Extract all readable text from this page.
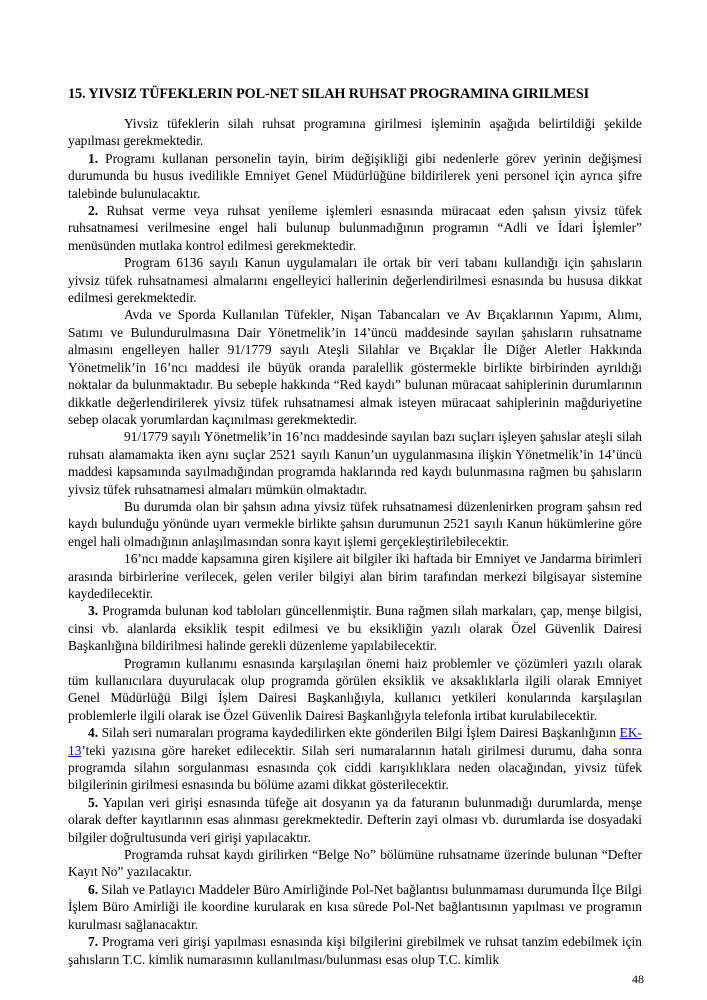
15. YIVSIZ TÜFEKLERIN POL-NET SILAH RUHSAT PROGRAMINA GIRILMESI

Yivsiz tüfeklerin silah ruhsat programına girilmesi işleminin aşağıda belirtildiği şekilde yapılması gerekmektedir.

1. Programı kullanan personelin tayin, birim değişikliği gibi nedenlerle görev yerinin değişmesi durumunda bu husus ivedilikle Emniyet Genel Müdürlüğüne bildirilerek yeni personel için ayrıca şifre talebinde bulunulacaktır.

2. Ruhsat verme veya ruhsat yenileme işlemleri esnasında müracaat eden şahsın yivsiz tüfek ruhsatnamesi verilmesine engel hali bulunup bulunmadığının programın “Adli ve İdari İşlemler” menüsünden mutlaka kontrol edilmesi gerekmektedir.

Program 6136 sayılı Kanun uygulamaları ile ortak bir veri tabanı kullandığı için şahısların yivsiz tüfek ruhsatnamesi almalarını engelleyici hallerinin değerlendirilmesi esnasında bu hususa dikkat edilmesi gerekmektedir.

Avda ve Sporda Kullanılan Tüfekler, Nişan Tabancaları ve Av Bıçaklarının Yapımı, Alımı, Satımı ve Bulundurulmasına Dair Yönetmelik’in 14’üncü maddesinde sayılan şahısların ruhsatname almasını engelleyen haller 91/1779 sayılı Ateşli Silahlar ve Bıçaklar İle Diğer Aletler Hakkında Yönetmelik’in 16’ncı maddesi ile büyük oranda paralellik göstermekle birlikte birbirinden ayrıldığı noktalar da bulunmaktadır. Bu sebeple hakkında “Red kaydı” bulunan müracaat sahiplerinin durumlarının dikkatle değerlendirilerek yivsiz tüfek ruhsatnamesi almak isteyen müracaat sahiplerinin mağduriyetine sebep olacak yorumlardan kaçınılması gerekmektedir.

91/1779 sayılı Yönetmelik’in 16’ncı maddesinde sayılan bazı suçları işleyen şahıslar ateşli silah ruhsatı alamamakta iken aynı suçlar 2521 sayılı Kanun’un uygulanmasına ilişkin Yönetmelik’in 14’üncü maddesi kapsamında sayılmadığından programda haklarında red kaydı bulunmasına rağmen bu şahısların yivsiz tüfek ruhsatnamesi almaları mümkün olmaktadır.

Bu durumda olan bir şahsın adına yivsiz tüfek ruhsatnamesi düzenlenirken program şahsın red kaydı bulunduğu yönünde uyarı vermekle birlikte şahsın durumunun 2521 sayılı Kanun hükümlerine göre engel hali olmadığının anlaşılmasından sonra kayıt işlemi gerçekleştirilebilecektir.

16’ncı madde kapsamına giren kişilere ait bilgiler iki haftada bir Emniyet ve Jandarma birimleri arasında birbirlerine verilecek, gelen veriler bilgiyi alan birim tarafından merkezi bilgisayar sistemine kaydedilecektir.

3. Programda bulunan kod tabloları güncellenmiştir. Buna rağmen silah markaları, çap, menşe bilgisi, cinsi vb. alanlarda eksiklik tespit edilmesi ve bu eksikliğin yazılı olarak Özel Güvenlik Dairesi Başkanlığına bildirilmesi halinde gerekli düzenleme yapılabilecektir.

Programın kullanımı esnasında karşılaşılan önemi haiz problemler ve çözümleri yazılı olarak tüm kullanıcılara duyurulacak olup programda görülen eksiklik ve aksaklıklarla ilgili olarak Emniyet Genel Müdürlüğü Bilgi İşlem Dairesi Başkanlığıyla, kullanıcı yetkileri konularında karşılaşılan problemlerle ilgili olarak ise Özel Güvenlik Dairesi Başkanlığıyla telefonla irtibat kurulabilecektir.

4. Silah seri numaraları programa kaydedilirken ekte gönderilen Bilgi İşlem Dairesi Başkanlığının EK-13’teki yazısına göre hareket edilecektir. Silah seri numaralarının hatalı girilmesi durumu, daha sonra programda silahın sorgulanması esnasında çok ciddi karışıklıklara neden olacağından, yivsiz tüfek bilgilerinin girilmesi esnasında bu bölüme azami dikkat gösterilecektir.

5. Yapılan veri girişi esnasında tüfeğe ait dosyanın ya da faturanın bulunmadığı durumlarda, menşe olarak defter kayıtlarının esas alınması gerekmektedir. Defterin zayi olması vb. durumlarda ise dosyadaki bilgiler doğrultusunda veri girişi yapılacaktır.

Programda ruhsat kaydı girilirken “Belge No” bölümüne ruhsatname üzerinde bulunan “Defter Kayıt No” yazılacaktır.

6. Silah ve Patlayıcı Maddeler Büro Amirliğinde Pol-Net bağlantısı bulunmaması durumunda İlçe Bilgi İşlem Büro Amirliği ile koordine kurularak en kısa sürede Pol-Net bağlantısının yapılması ve programın kurulması sağlanacaktır.

7. Programa veri girişi yapılması esnasında kişi bilgilerini girebilmek ve ruhsat tanzim edebilmek için şahısların T.C. kimlik numarasının kullanılması/bulunması esas olup T.C. kimlik

48
